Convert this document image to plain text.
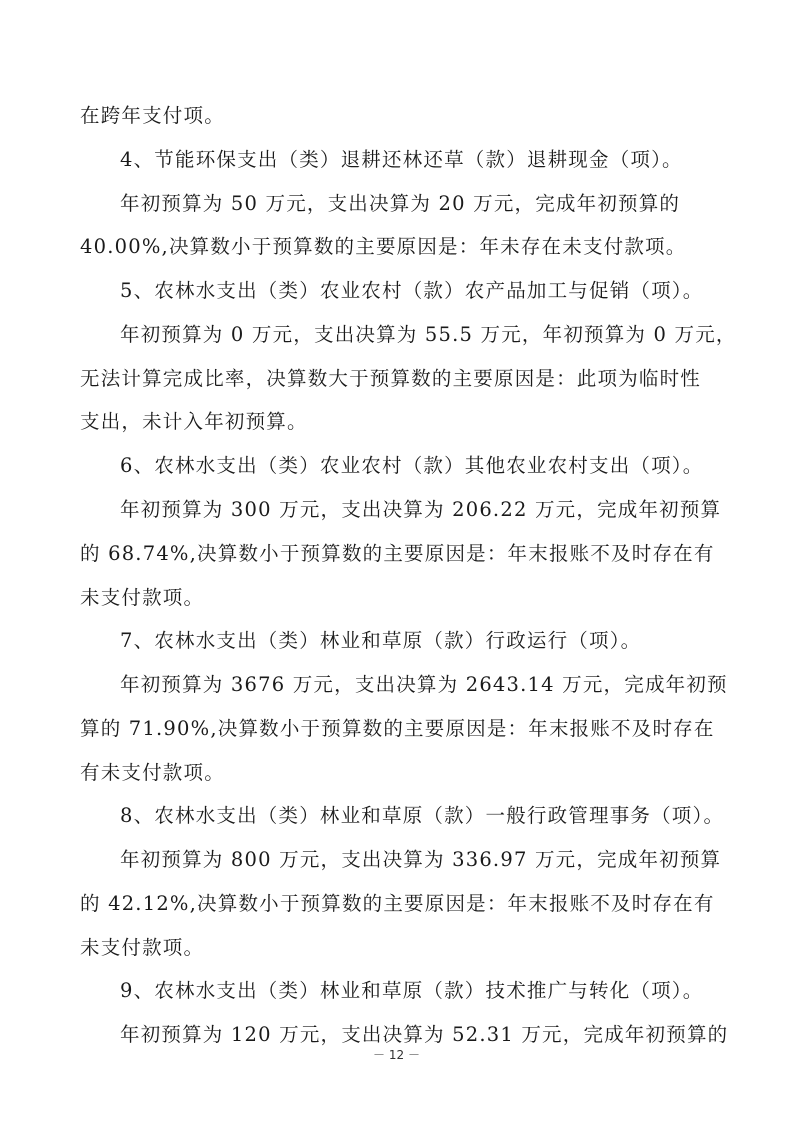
在跨年支付项。
4、节能环保支出（类）退耕还林还草（款）退耕现金（项）。
年初预算为 50 万元，支出决算为 20 万元，完成年初预算的
40.00%,决算数小于预算数的主要原因是：年未存在未支付款项。
5、农林水支出（类）农业农村（款）农产品加工与促销（项）。
年初预算为 0 万元，支出决算为 55.5 万元，年初预算为 0 万元，
无法计算完成比率，决算数大于预算数的主要原因是：此项为临时性
支出，未计入年初预算。
6、农林水支出（类）农业农村（款）其他农业农村支出（项）。
年初预算为 300 万元，支出决算为 206.22 万元，完成年初预算
的 68.74%,决算数小于预算数的主要原因是：年末报账不及时存在有
未支付款项。
7、农林水支出（类）林业和草原（款）行政运行（项）。
年初预算为 3676 万元，支出决算为 2643.14 万元，完成年初预
算的 71.90%,决算数小于预算数的主要原因是：年末报账不及时存在
有未支付款项。
8、农林水支出（类）林业和草原（款）一般行政管理事务（项）。
年初预算为 800 万元，支出决算为 336.97 万元，完成年初预算
的 42.12%,决算数小于预算数的主要原因是：年末报账不及时存在有
未支付款项。
9、农林水支出（类）林业和草原（款）技术推广与转化（项）。
年初预算为 120 万元，支出决算为 52.31 万元，完成年初预算的
－ 12 －
